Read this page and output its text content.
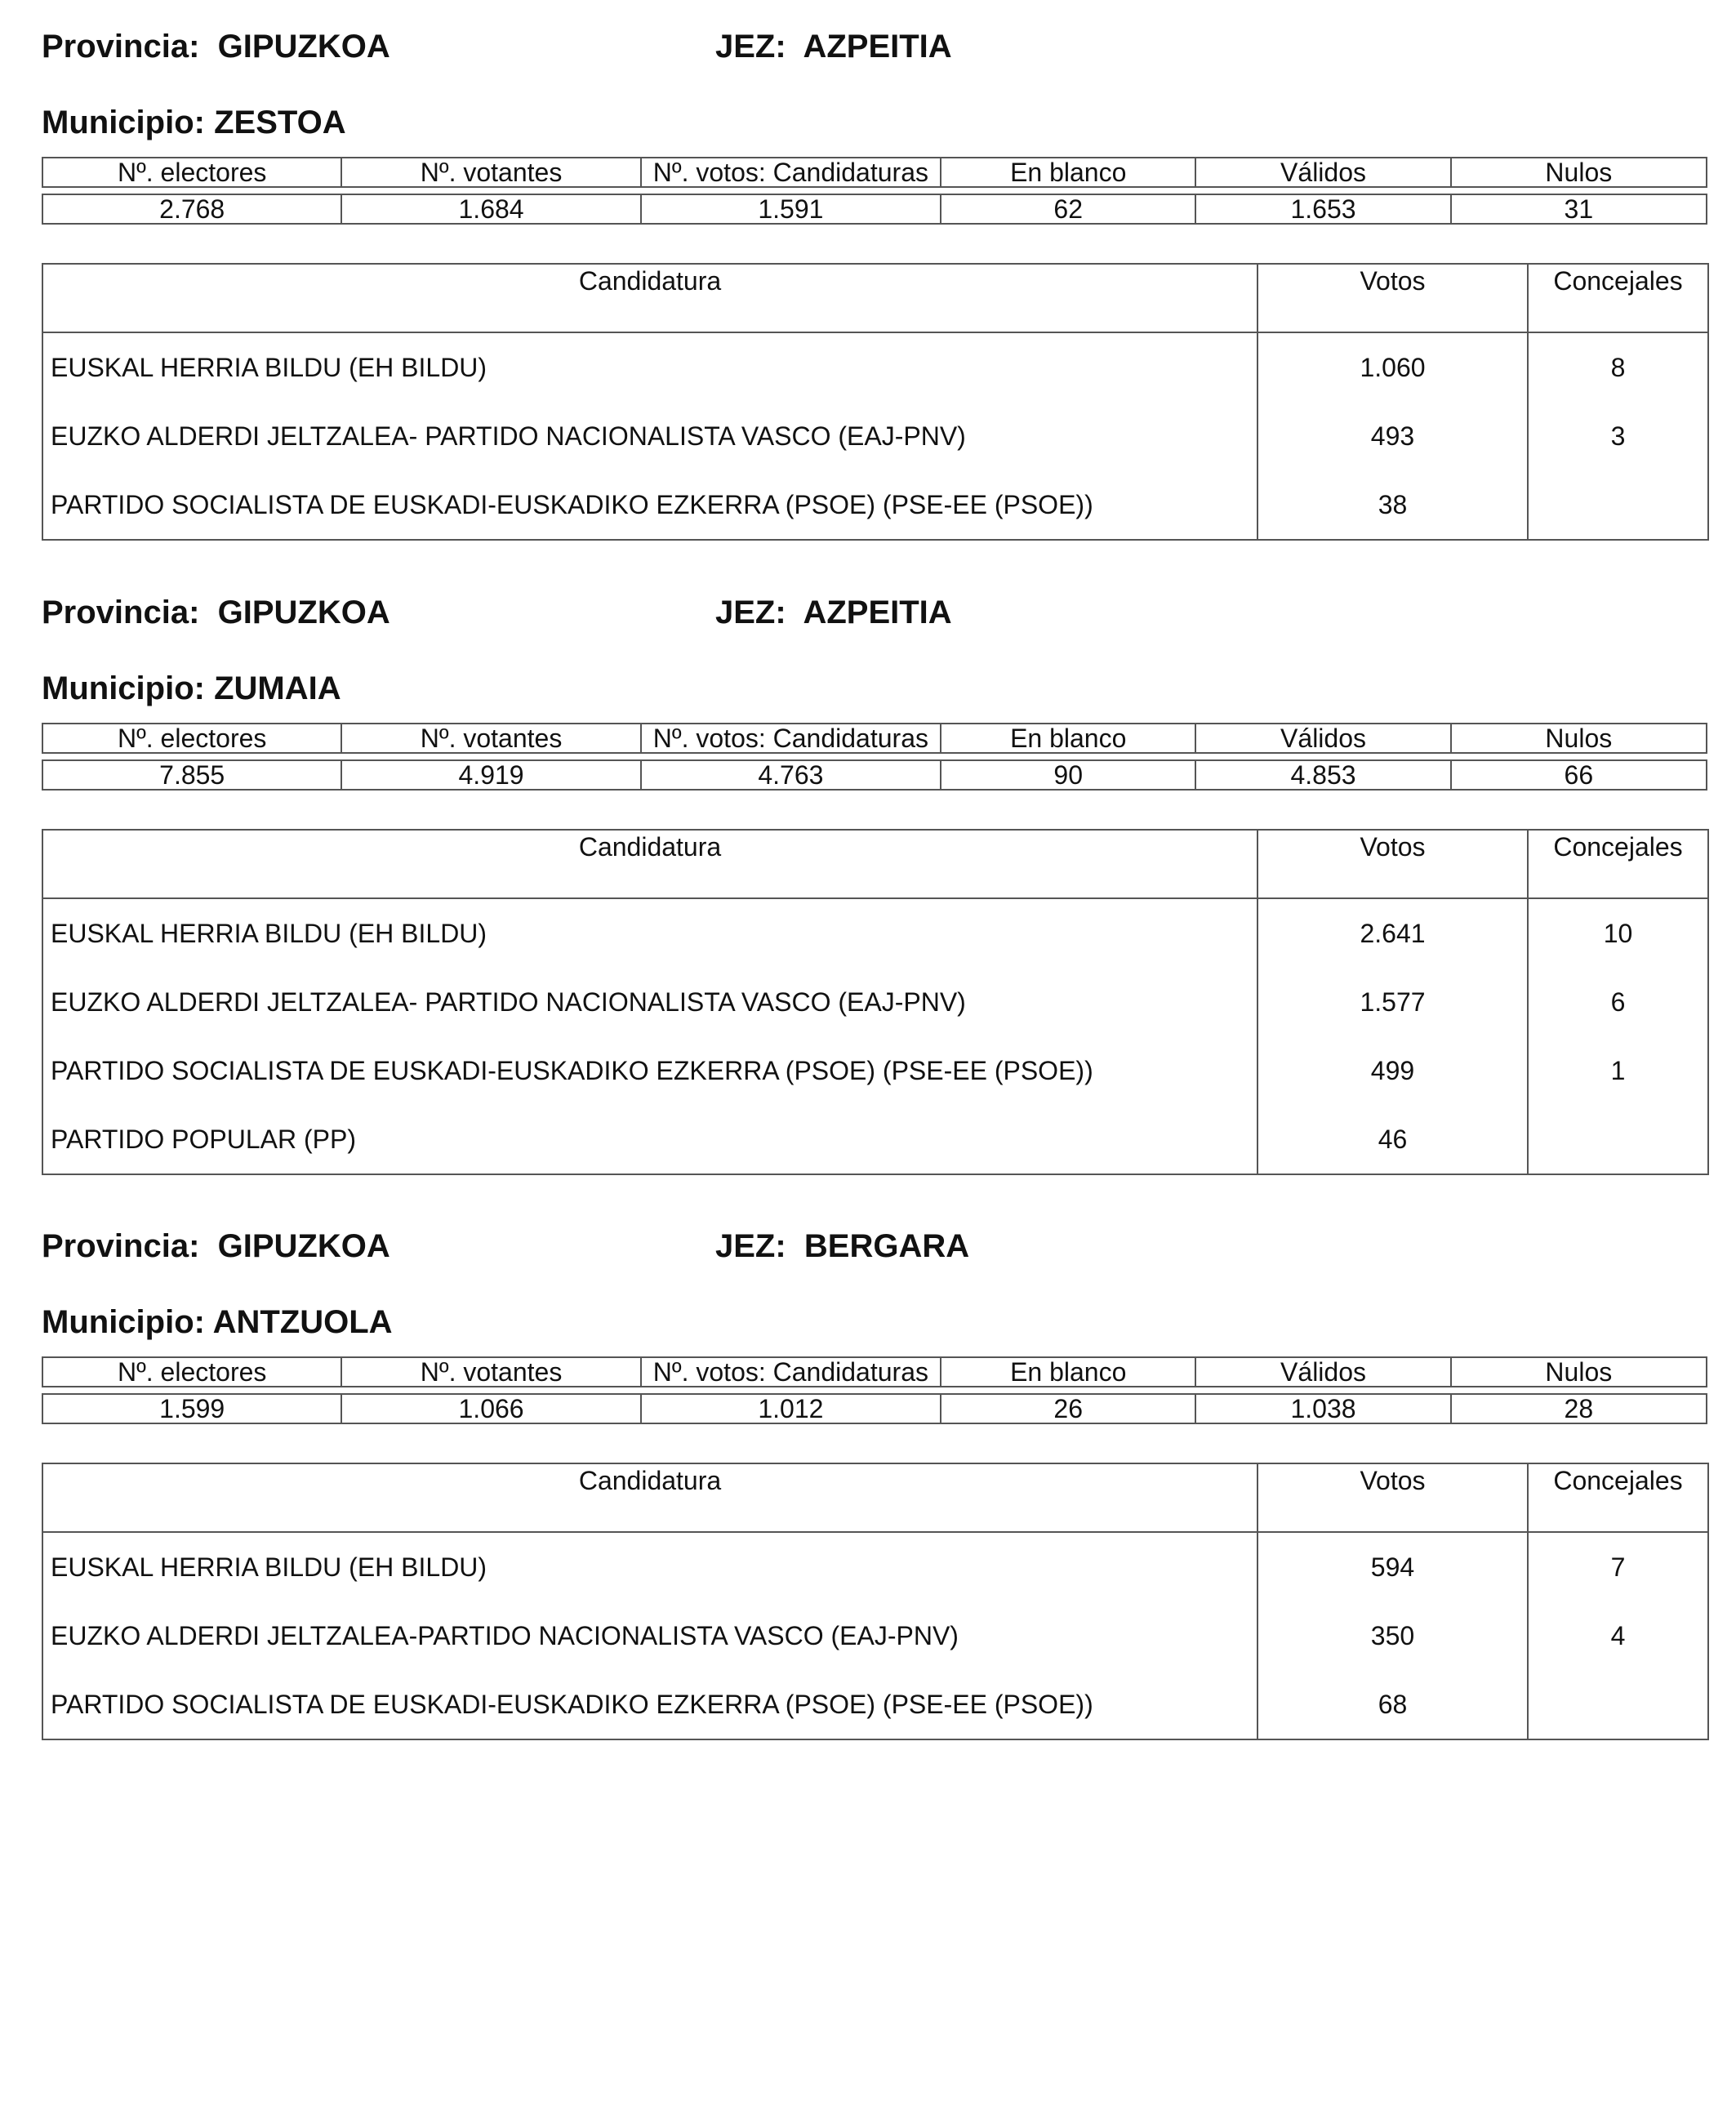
Provincia: GIPUZKOA	JEZ: AZPEITIA
Municipio: ZESTOA
Nº. electores	Nº. votantes	Nº. votos: Candidaturas	En blanco	Válidos	Nulos

2.768	1.684	1.591	62	1.653	31
Candidatura	Votos	Concejales
EUSKAL HERRIA BILDU (EH BILDU)	1.060	8
EUZKO ALDERDI JELTZALEA- PARTIDO NACIONALISTA VASCO (EAJ-PNV)	493	3
PARTIDO SOCIALISTA DE EUSKADI-EUSKADIKO EZKERRA (PSOE) (PSE-EE (PSOE))	38	
Provincia: GIPUZKOA	JEZ: AZPEITIA
Municipio: ZUMAIA
Nº. electores	Nº. votantes	Nº. votos: Candidaturas	En blanco	Válidos	Nulos

7.855	4.919	4.763	90	4.853	66
Candidatura	Votos	Concejales
EUSKAL HERRIA BILDU (EH BILDU)	2.641	10
EUZKO ALDERDI JELTZALEA- PARTIDO NACIONALISTA VASCO (EAJ-PNV)	1.577	6
PARTIDO SOCIALISTA DE EUSKADI-EUSKADIKO EZKERRA (PSOE) (PSE-EE (PSOE))	499	1
PARTIDO POPULAR (PP)	46	
Provincia: GIPUZKOA	JEZ: BERGARA
Municipio: ANTZUOLA
Nº. electores	Nº. votantes	Nº. votos: Candidaturas	En blanco	Válidos	Nulos

1.599	1.066	1.012	26	1.038	28
Candidatura	Votos	Concejales
EUSKAL HERRIA BILDU (EH BILDU)	594	7
EUZKO ALDERDI JELTZALEA-PARTIDO NACIONALISTA VASCO (EAJ-PNV)	350	4
PARTIDO SOCIALISTA DE EUSKADI-EUSKADIKO EZKERRA (PSOE) (PSE-EE (PSOE))	68	
